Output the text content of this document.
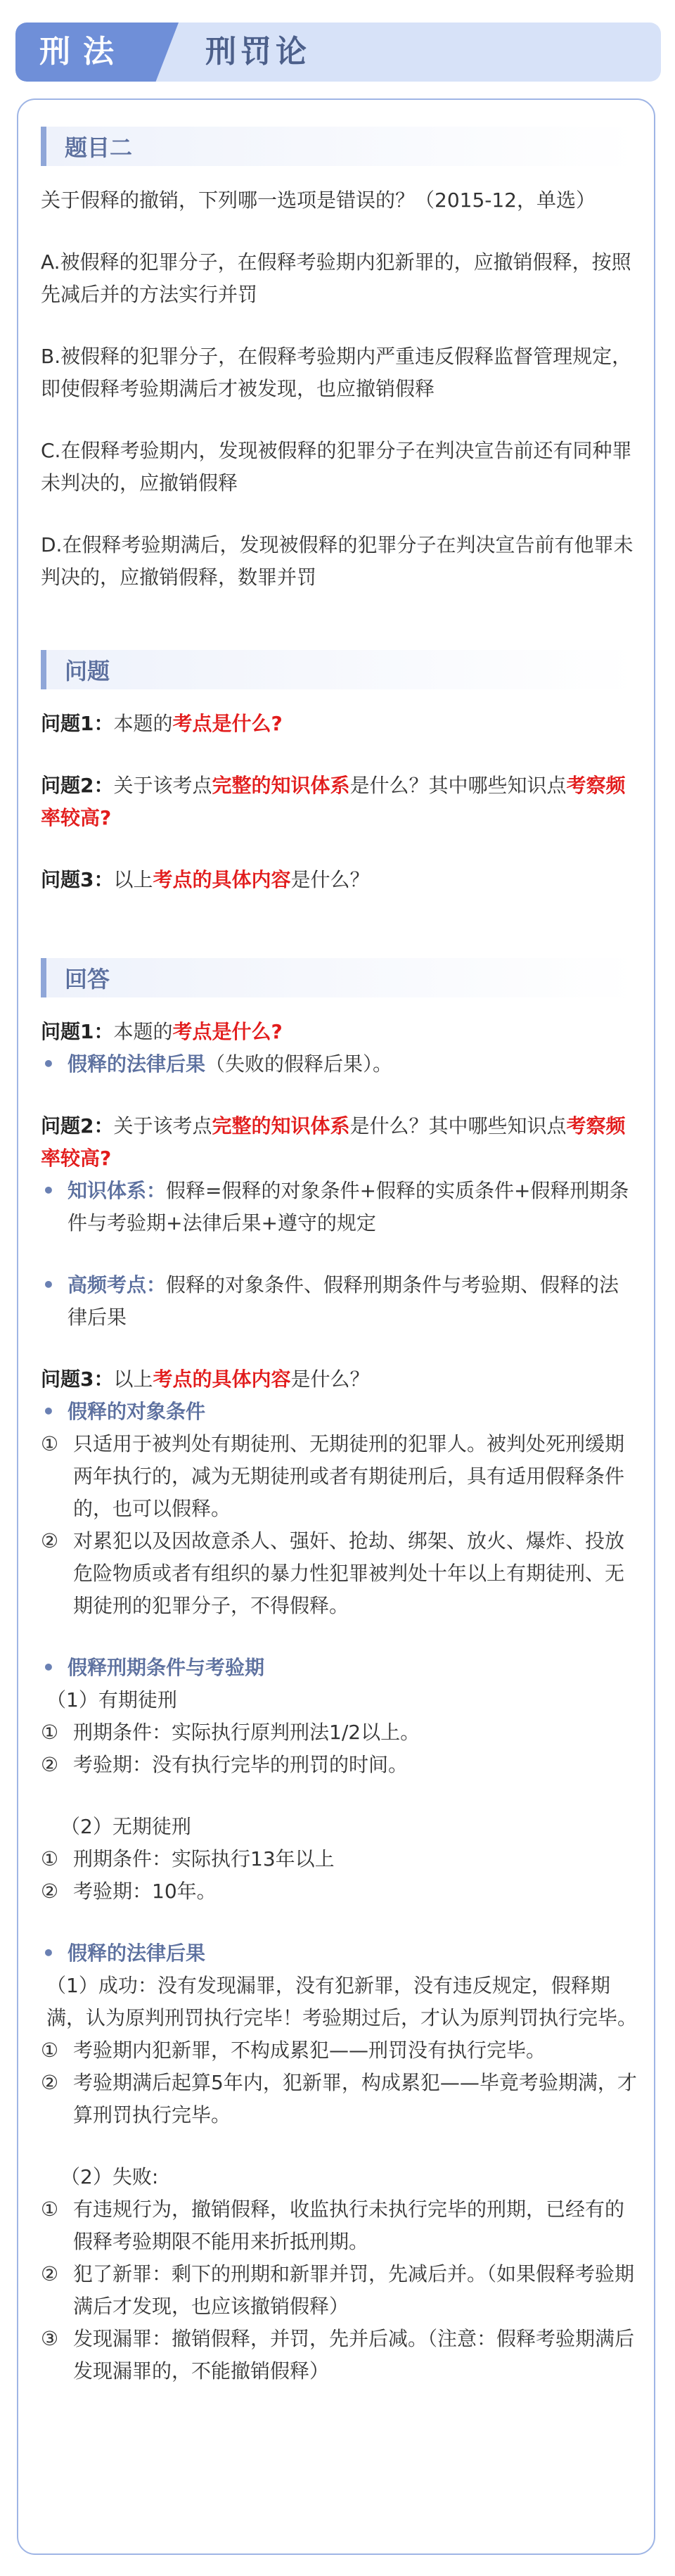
刑法	刑罚论
题目二

关于假释的撤销，下列哪一选项是错误的？（2015-12，单选）

A.被假释的犯罪分子，在假释考验期内犯新罪的，应撤销假释，按照先减后并的方法实行并罚

B.被假释的犯罪分子，在假释考验期内严重违反假释监督管理规定，即使假释考验期满后才被发现，也应撤销假释

C.在假释考验期内，发现被假释的犯罪分子在判决宣告前还有同种罪未判决的，应撤销假释

D.在假释考验期满后，发现被假释的犯罪分子在判决宣告前有他罪未判决的，应撤销假释，数罪并罚

问题

问题1：本题的考点是什么?

问题2：关于该考点完整的知识体系是什么？其中哪些知识点考察频率较高?

问题3：以上考点的具体内容是什么？

回答

问题1：本题的考点是什么?

• 假释的法律后果（失败的假释后果）。

问题2：关于该考点完整的知识体系是什么？其中哪些知识点考察频率较高?

• 知识体系：假释=假释的对象条件+假释的实质条件+假释刑期条件与考验期+法律后果+遵守的规定

• 高频考点：假释的对象条件、假释刑期条件与考验期、假释的法律后果

问题3：以上考点的具体内容是什么？

• 假释的对象条件

① 只适用于被判处有期徒刑、无期徒刑的犯罪人。被判处死刑缓期两年执行的，减为无期徒刑或者有期徒刑后，具有适用假释条件的，也可以假释。

② 对累犯以及因故意杀人、强奸、抢劫、绑架、放火、爆炸、投放危险物质或者有组织的暴力性犯罪被判处十年以上有期徒刑、无期徒刑的犯罪分子，不得假释。

• 假释刑期条件与考验期

（1）有期徒刑

① 刑期条件：实际执行原判刑法1/2以上。

② 考验期：没有执行完毕的刑罚的时间。

（2）无期徒刑

① 刑期条件：实际执行13年以上

② 考验期：10年。

• 假释的法律后果

（1）成功：没有发现漏罪，没有犯新罪，没有违反规定，假释期满，认为原判刑罚执行完毕！考验期过后，才认为原判罚执行完毕。

① 考验期内犯新罪，不构成累犯——刑罚没有执行完毕。

② 考验期满后起算5年内，犯新罪，构成累犯——毕竟考验期满，才算刑罚执行完毕。

（2）失败:

① 有违规行为，撤销假释，收监执行未执行完毕的刑期，已经有的假释考验期限不能用来折抵刑期。

② 犯了新罪：剩下的刑期和新罪并罚，先减后并。（如果假释考验期满后才发现，也应该撤销假释）

③ 发现漏罪：撤销假释，并罚，先并后减。（注意：假释考验期满后发现漏罪的，不能撤销假释）
